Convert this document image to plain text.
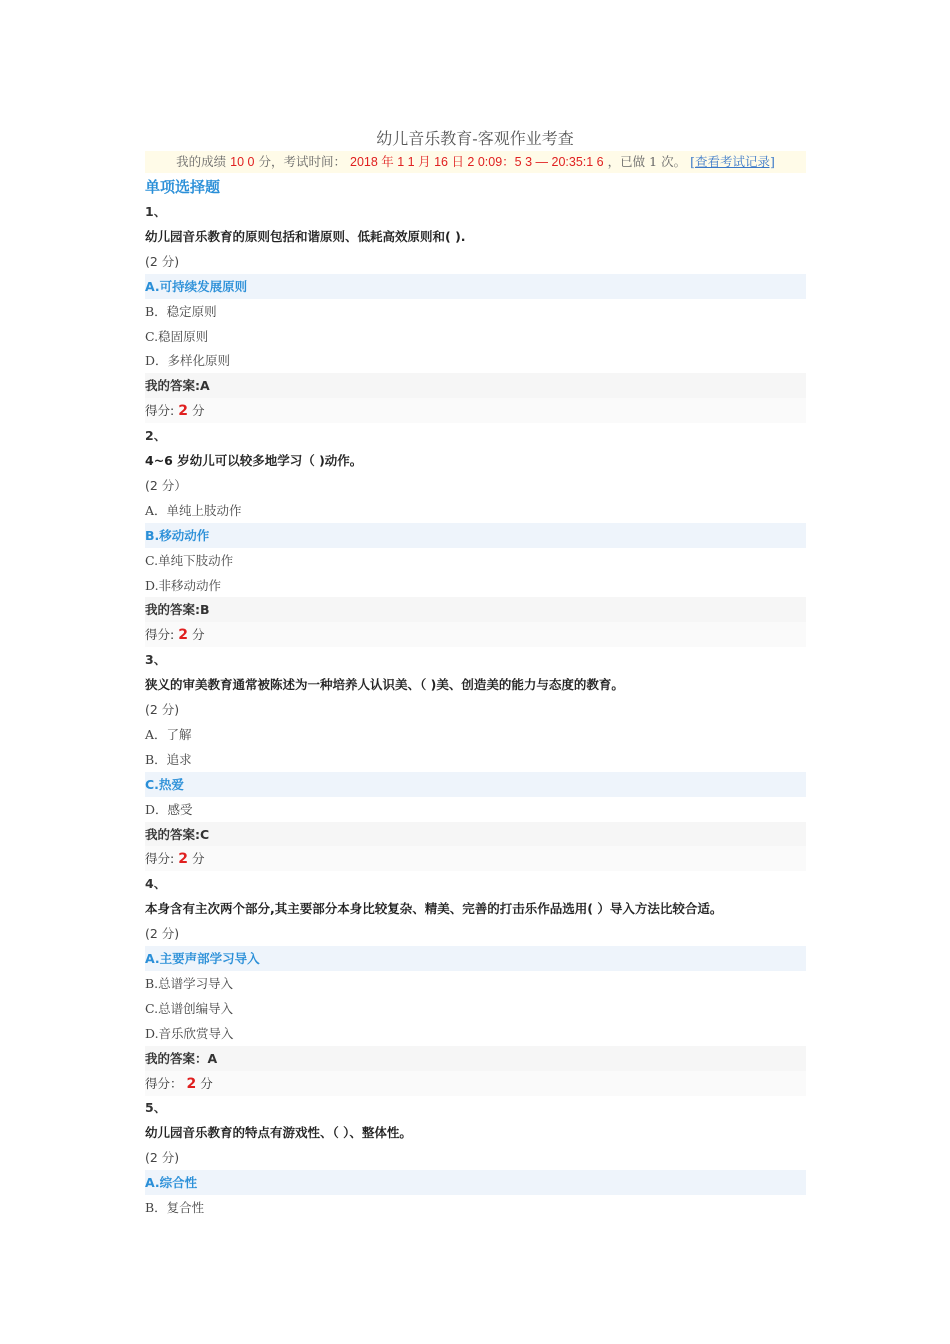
幼儿音乐教育-客观作业考查
我的成绩 10 0 分，考试时间： 2018 年 1 1 月 16 日 2 0:09：5 3 — 20:35:1 6 ，已做 1 次。 [查看考试记录]
单项选择题
1、
幼儿园音乐教育的原则包括和谐原则、低耗高效原则和( ).
(2 分)
A.可持续发展原则
B．稳定原则
C.稳固原则
D．多样化原则
我的答案:A
得分: 2 分
2、
4~6 岁幼儿可以较多地学习（ )动作。
(2 分）
A．单纯上肢动作
B.移动动作
C.单纯下肢动作
D.非移动动作
我的答案:B
得分: 2 分
3、
狭义的审美教育通常被陈述为一种培养人认识美、（ )美、创造美的能力与态度的教育。
(2 分)
A．了解
B．追求
C.热爱
D．感受
我的答案:C
得分: 2 分
4、
本身含有主次两个部分,其主要部分本身比较复杂、精美、完善的打击乐作品选用( ）导入方法比较合适。
(2 分)
A.主要声部学习导入
B.总谱学习导入
C.总谱创编导入
D.音乐欣赏导入
我的答案：A
得分： 2 分
5、
幼儿园音乐教育的特点有游戏性、（ ）、整体性。
(2 分)
A.综合性
B．复合性
